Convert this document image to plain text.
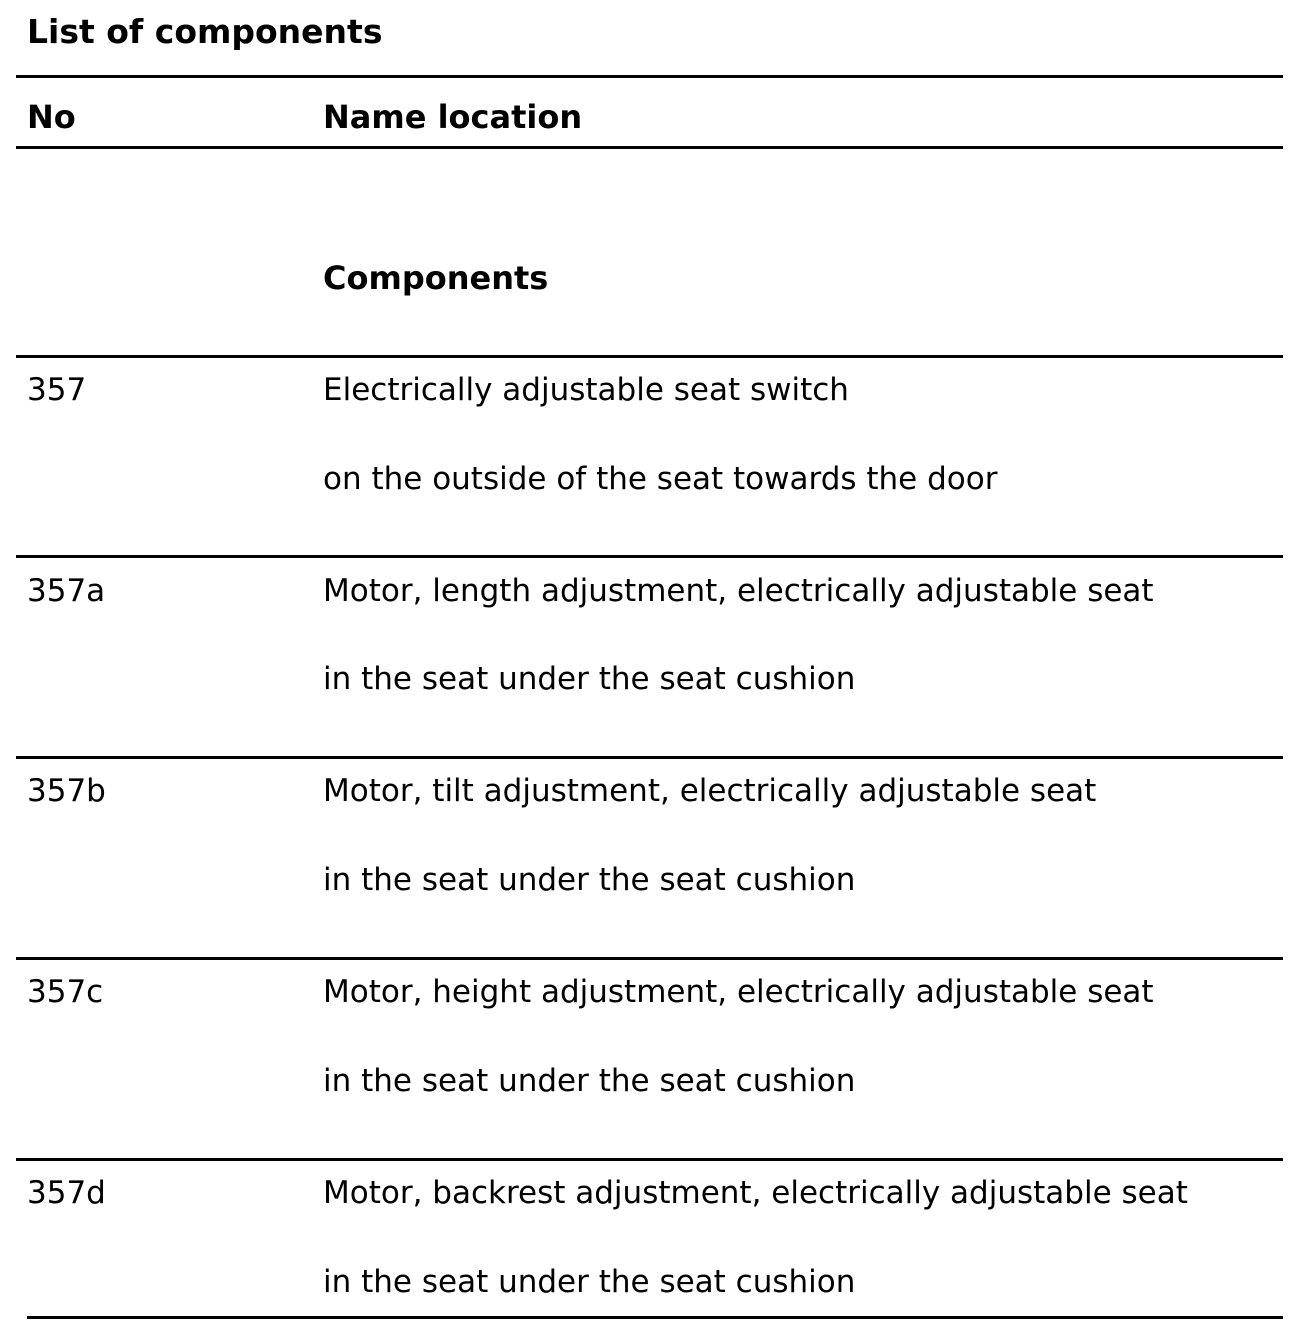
List of components
No	Name location
Components
357	Electrically adjustable seat switch
on the outside of the seat towards the door
357a	Motor, length adjustment, electrically adjustable seat
in the seat under the seat cushion
357b	Motor, tilt adjustment, electrically adjustable seat
in the seat under the seat cushion
357c	Motor, height adjustment, electrically adjustable seat
in the seat under the seat cushion
357d	Motor, backrest adjustment, electrically adjustable seat
in the seat under the seat cushion
